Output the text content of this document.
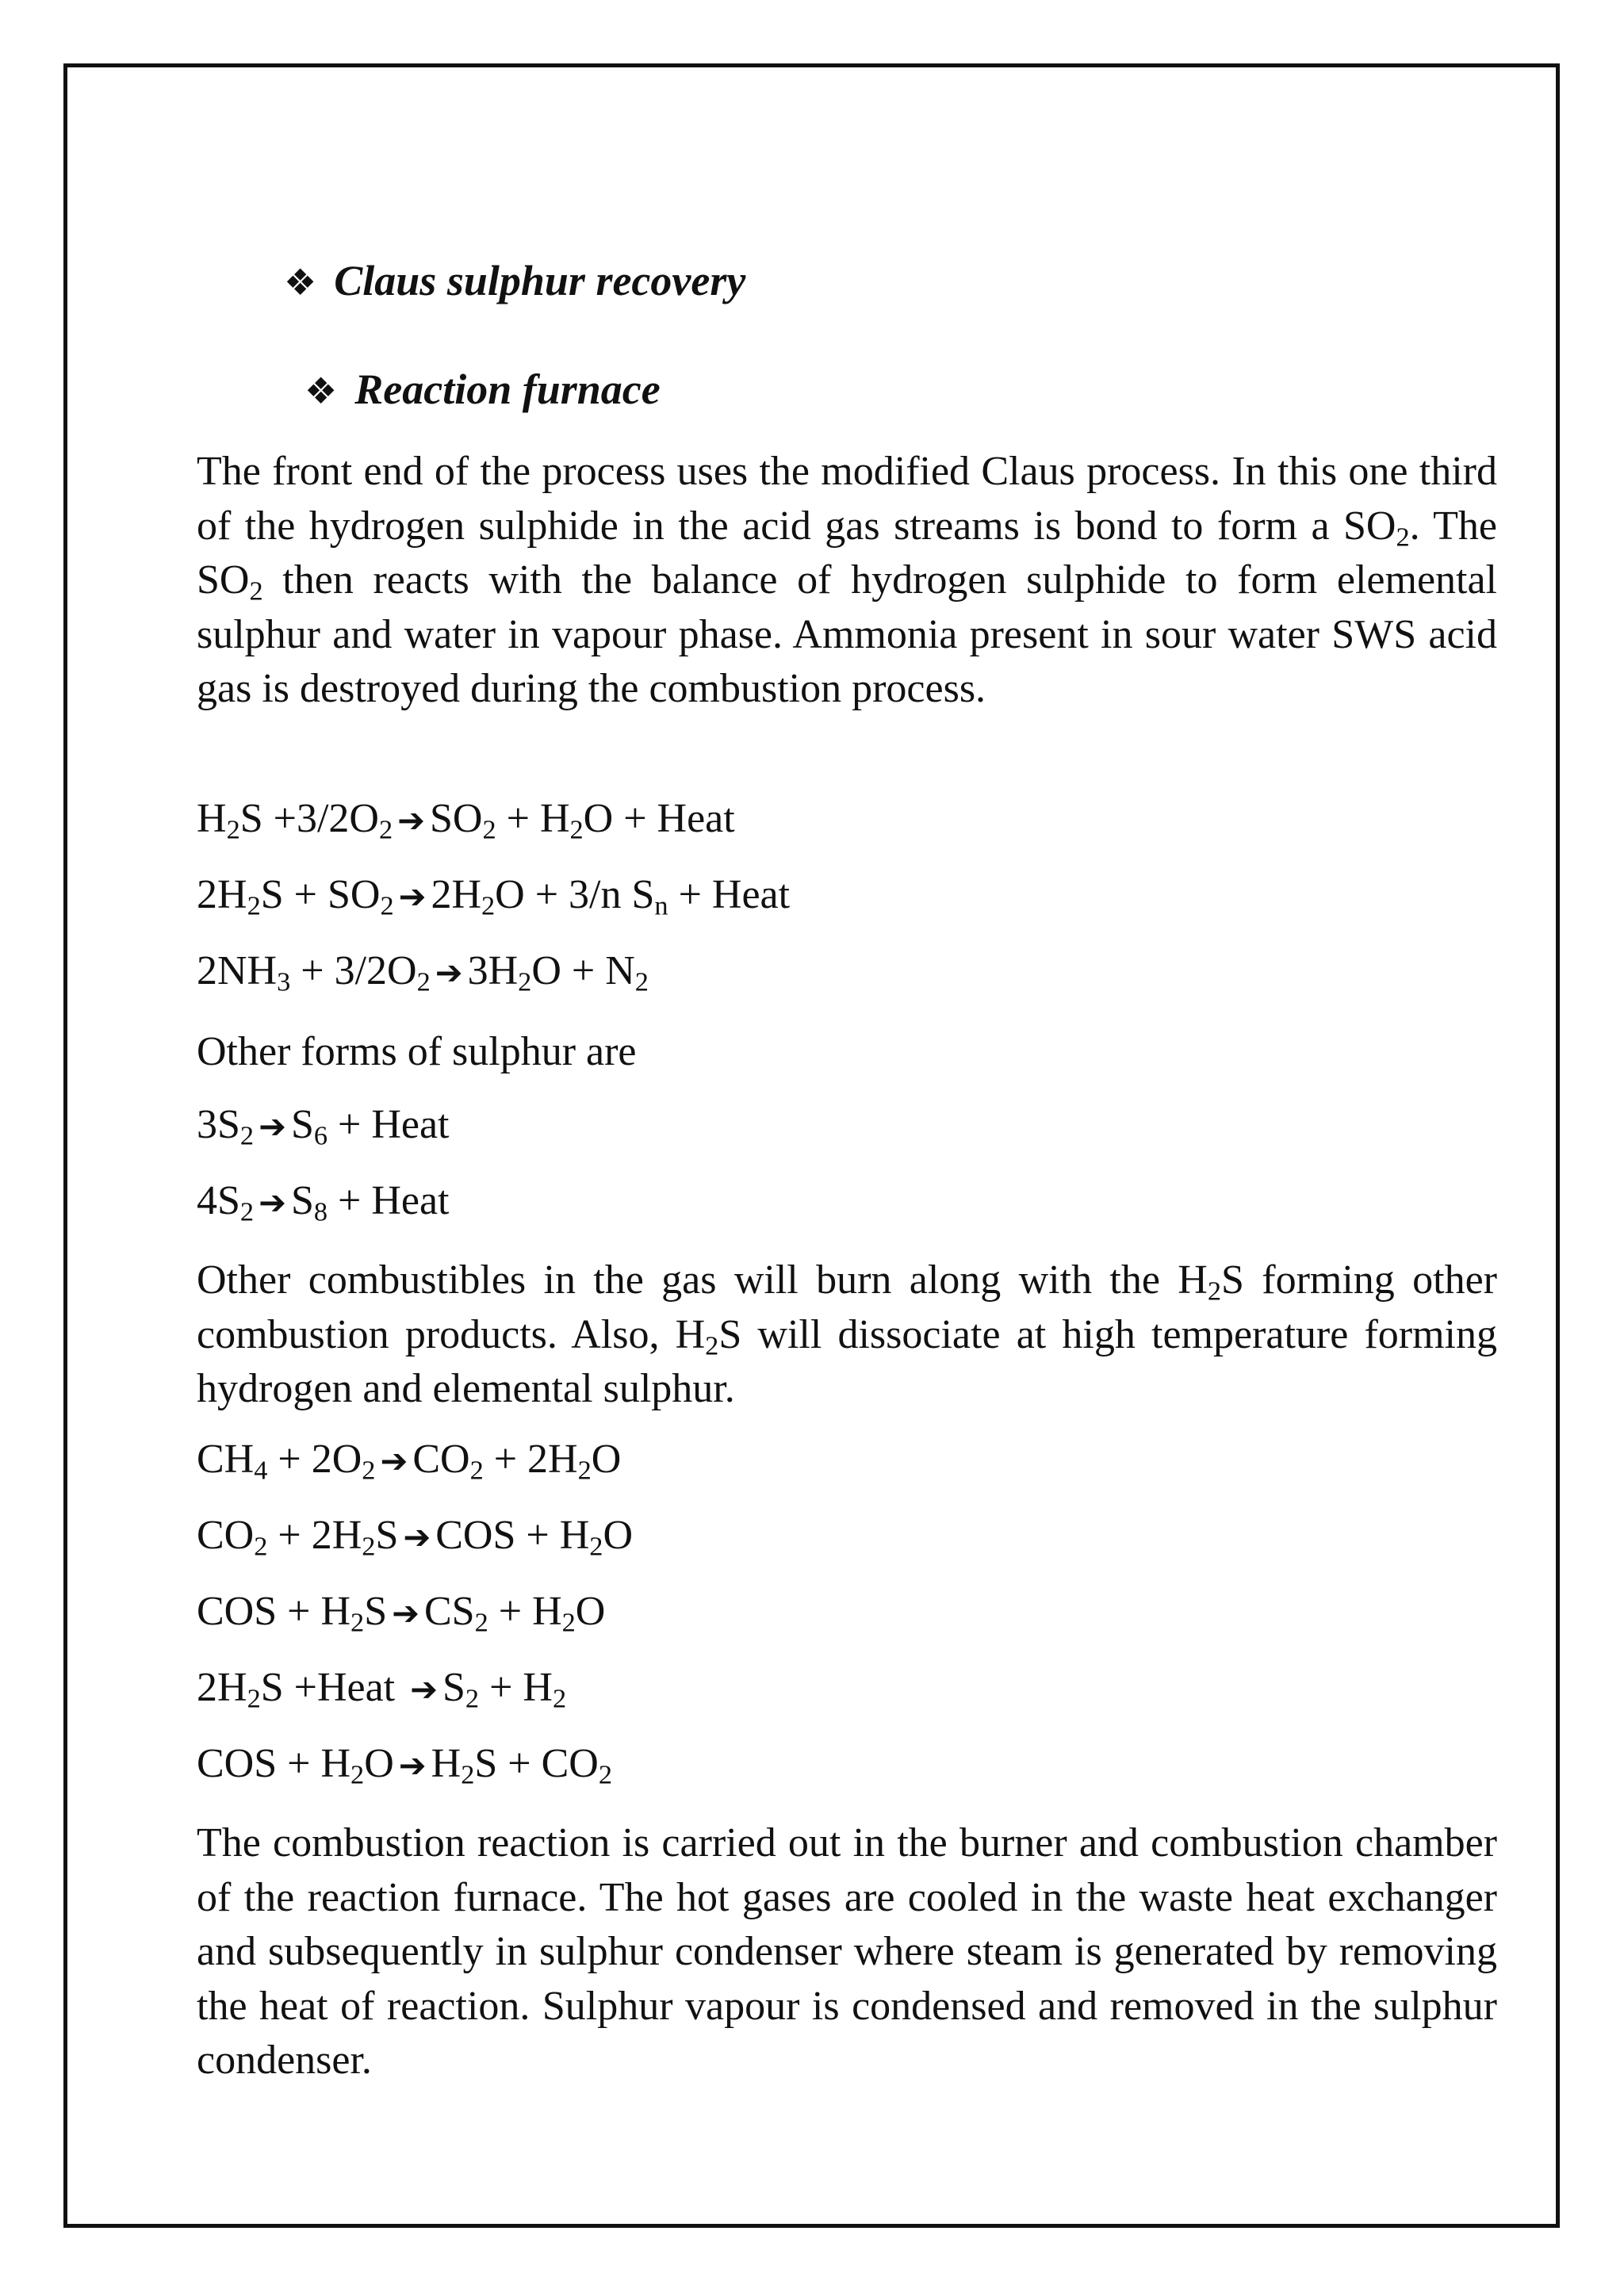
❖ Claus sulphur recovery
❖ Reaction furnace

The front end of the process uses the modified Claus process. In this one third of the hydrogen sulphide in the acid gas streams is bond to form a $SO_2$. The $SO_2$ then reacts with the balance of hydrogen sulphide to form elemental sulphur and water in vapour phase. Ammonia present in sour water SWS acid gas is destroyed during the combustion process.

$H_2S +3/2O_2$ ➔ $SO_2 + H_2O$ + Heat
$2H_2S + SO_2$ ➔ $2H_2O + 3/n$ $S_n$ + Heat
$2NH_3 + 3/2O_2$ ➔ $3H_2O + N_2$

Other forms of sulphur are

$3S_2$ ➔ $S_6$ + Heat
$4S_2$ ➔ $S_8$ + Heat

Other combustibles in the gas will burn along with the $H_2S$ forming other combustion products. Also, $H_2S$ will dissociate at high temperature forming hydrogen and elemental sulphur.

$CH_4 + 2O_2$ ➔ $CO_2 + 2H_2O$
$CO_2 + 2H_2S$ ➔ COS + $H_2O$
COS + $H_2S$ ➔ $CS_2 + H_2O$
$2H_2S$ +Heat ➔ $S_2 + H_2$
COS + $H_2O$ ➔ $H_2S + CO_2$

The combustion reaction is carried out in the burner and combustion chamber of the reaction furnace. The hot gases are cooled in the waste heat exchanger and subsequently in sulphur condenser where steam is generated by removing the heat of reaction. Sulphur vapour is condensed and removed in the sulphur condenser.
